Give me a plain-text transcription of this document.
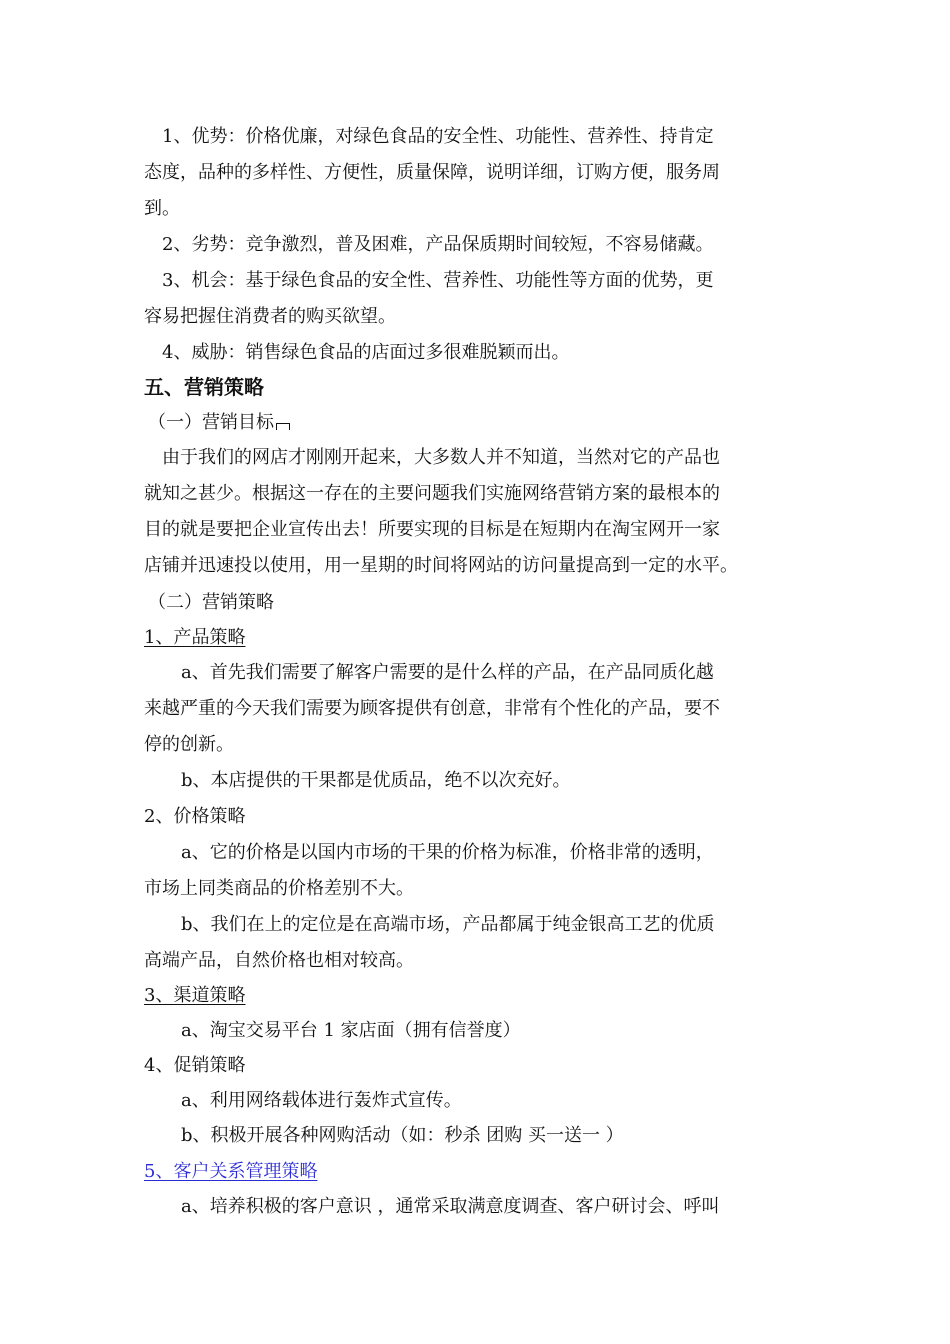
1、优势：价格优廉，对绿色食品的安全性、功能性、营养性、持肯定
态度，品种的多样性、方便性，质量保障，说明详细，订购方便，服务周
到。
2、劣势：竞争激烈，普及困难，产品保质期时间较短，不容易储藏。
3、机会：基于绿色食品的安全性、营养性、功能性等方面的优势，更
容易把握住消费者的购买欲望。
4、威胁：销售绿色食品的店面过多很难脱颖而出。
五、营销策略
（一）营销目标
由于我们的网店才刚刚开起来，大多数人并不知道，当然对它的产品也
就知之甚少。根据这一存在的主要问题我们实施网络营销方案的最根本的
目的就是要把企业宣传出去！所要实现的目标是在短期内在淘宝网开一家
店铺并迅速投以使用，用一星期的时间将网站的访问量提高到一定的水平。
（二）营销策略
1、产品策略
a、首先我们需要了解客户需要的是什么样的产品，在产品同质化越
来越严重的今天我们需要为顾客提供有创意，非常有个性化的产品，要不
停的创新。
b、本店提供的干果都是优质品，绝不以次充好。
2、价格策略
a、它的价格是以国内市场的干果的价格为标准，价格非常的透明，
市场上同类商品的价格差别不大。
b、我们在上的定位是在高端市场，产品都属于纯金银高工艺的优质
高端产品，自然价格也相对较高。
3、渠道策略
a、淘宝交易平台 1 家店面（拥有信誉度）
4、促销策略
a、利用网络载体进行轰炸式宣传。
b、积极开展各种网购活动（如：秒杀 团购 买一送一 ）
5、客户关系管理策略
a、培养积极的客户意识 ，通常采取满意度调查、客户研讨会、呼叫
